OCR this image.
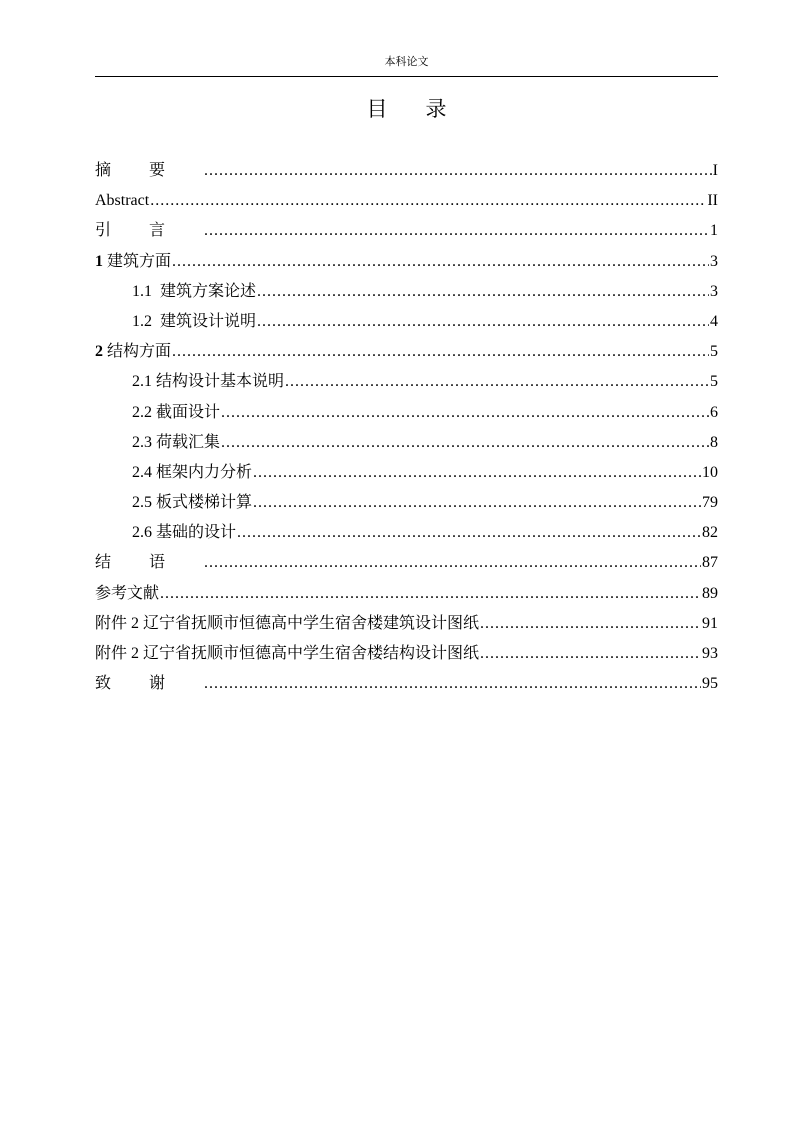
本科论文
目录
摘要 .....	I
Abstract .....	II
引言 .....	1
1 建筑方面 .....	3
1.1 建筑方案论述 .....	3
1.2 建筑设计说明 .....	4
2 结构方面 .....	5
2.1 结构设计基本说明 .....	5
2.2 截面设计 .....	6
2.3 荷载汇集 .....	8
2.4 框架内力分析 .....	10
2.5 板式楼梯计算 .....	79
2.6 基础的设计 .....	82
结语 .....	87
参考文献 .....	89
附件 2 辽宁省抚顺市恒德高中学生宿舍楼建筑设计图纸 .....	91
附件 2 辽宁省抚顺市恒德高中学生宿舍楼结构设计图纸 .....	93
致谢 .....	95
